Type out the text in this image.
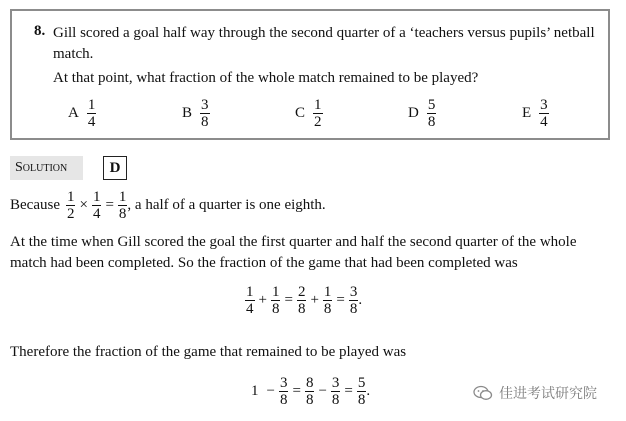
8. Gill scored a goal half way through the second quarter of a ‘teachers versus pupils’ netball match.
At that point, what fraction of the whole match remained to be played?
A $\frac{1}{4}$	B $\frac{3}{8}$	C $\frac{1}{2}$	D $\frac{5}{8}$	E $\frac{3}{4}$
Solution	D
Because $\frac{1}{2} \times \frac{1}{4} = \frac{1}{8}$ , a half of a quarter is one eighth.
At the time when Gill scored the goal the first quarter and half the second quarter of the whole match had been completed. So the fraction of the game that had been completed was
$\frac{1}{4} + \frac{1}{8} = \frac{2}{8} + \frac{1}{8} = \frac{3}{8}$ .
Therefore the fraction of the game that remained to be played was
$1 - \frac{3}{8} = \frac{8}{8} - \frac{3}{8} = \frac{5}{8}$ .	佳进考试研究院
